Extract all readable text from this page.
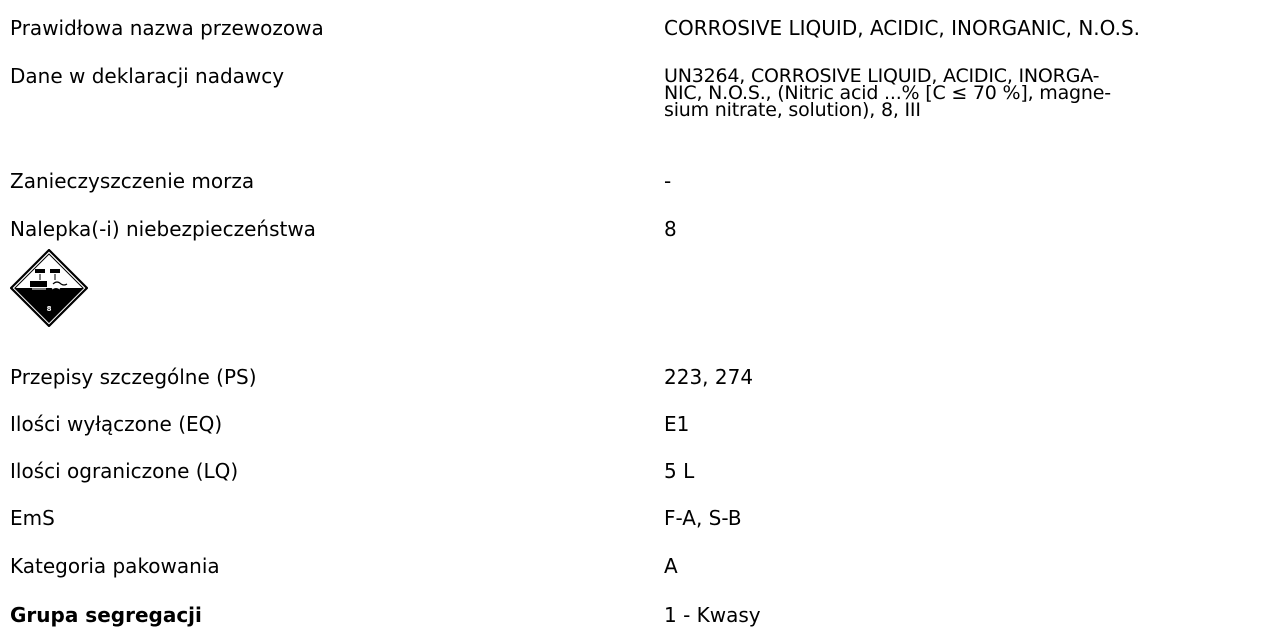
Prawidłowa nazwa przewozowa	CORROSIVE LIQUID, ACIDIC, INORGANIC, N.O.S.
Dane w deklaracji nadawcy	UN3264, CORROSIVE LIQUID, ACIDIC, INORGA-
NIC, N.O.S., (Nitric acid ...% [C ≤ 70 %], magne-
sium nitrate, solution), 8, III
Zanieczyszczenie morza	-
Nalepka(-i) niebezpieczeństwa	8
8
Przepisy szczególne (PS)	223, 274
Ilości wyłączone (EQ)	E1
Ilości ograniczone (LQ)	5 L
EmS	F-A, S-B
Kategoria pakowania	A
Grupa segregacji	1 - Kwasy
